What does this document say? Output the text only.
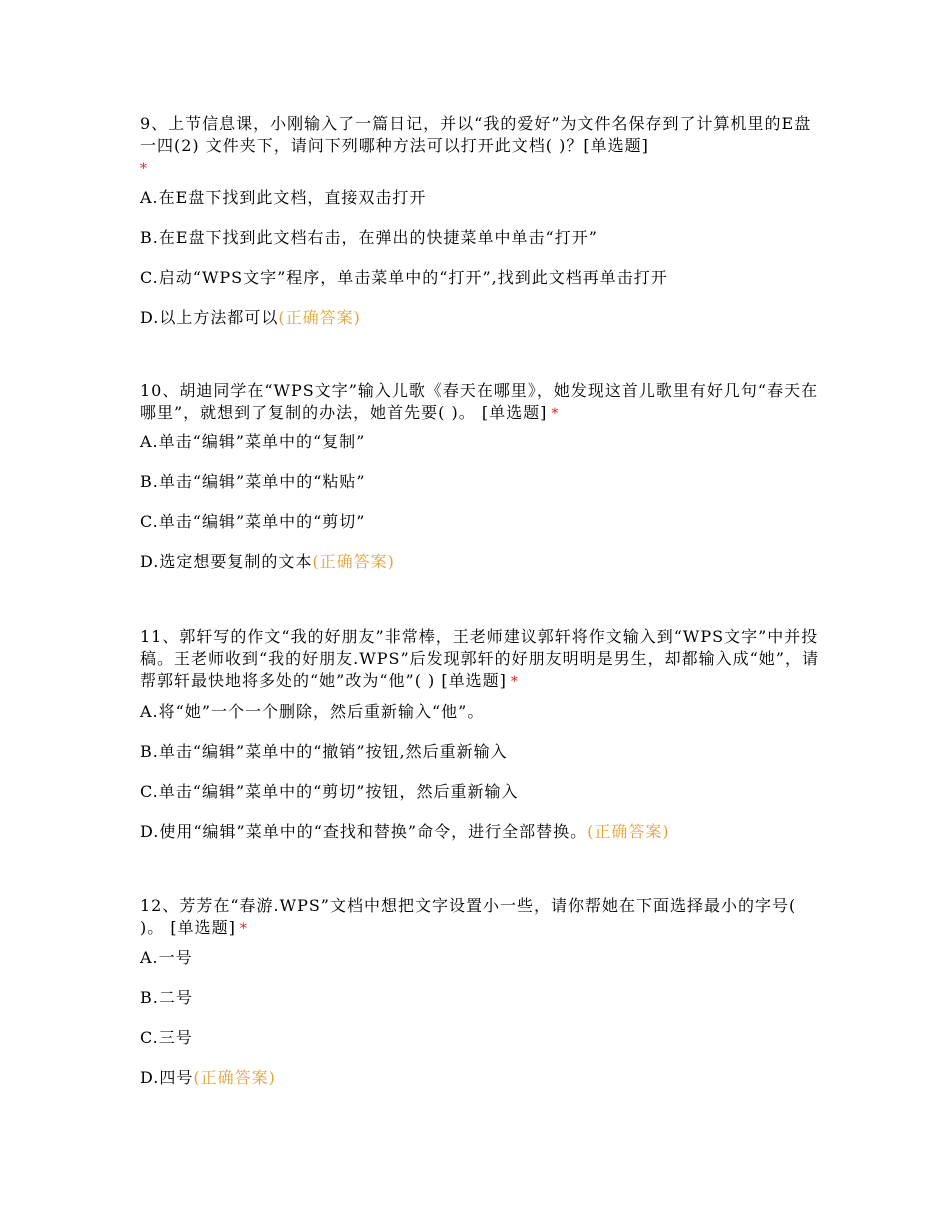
9、上节信息课，小刚输入了一篇日记，并以“我的爱好”为文件名保存到了计算机里的E盘一四(2) 文件夹下，请问下列哪种方法可以打开此文档( )？[单选题]
*

A.在E盘下找到此文档，直接双击打开

B.在E盘下找到此文档右击，在弹出的快捷菜单中单击“打开”

C.启动“WPS文字”程序，单击菜单中的“打开”,找到此文档再单击打开

D.以上方法都可以(正确答案)

10、胡迪同学在“WPS文字”输入儿歌《春天在哪里》，她发现这首儿歌里有好几句“春天在哪里”，就想到了复制的办法，她首先要( )。 [单选题] *

A.单击“编辑”菜单中的“复制”

B.单击“编辑”菜单中的“粘贴”

C.单击“编辑”菜单中的“剪切”

D.选定想要复制的文本(正确答案)

11、郭轩写的作文“我的好朋友”非常棒，王老师建议郭轩将作文输入到“WPS文字”中并投稿。王老师收到“我的好朋友.WPS”后发现郭轩的好朋友明明是男生，却都输入成“她”，请帮郭轩最快地将多处的“她”改为“他”( ) [单选题] *

A.将“她”一个一个删除，然后重新输入“他”。

B.单击“编辑”菜单中的“撤销”按钮,然后重新输入

C.单击“编辑”菜单中的“剪切”按钮，然后重新输入

D.使用“编辑”菜单中的“查找和替换”命令，进行全部替换。(正确答案)

12、芳芳在“春游.WPS”文档中想把文字设置小一些，请你帮她在下面选择最小的字号( )。 [单选题] *

A.一号

B.二号

C.三号

D.四号(正确答案)
